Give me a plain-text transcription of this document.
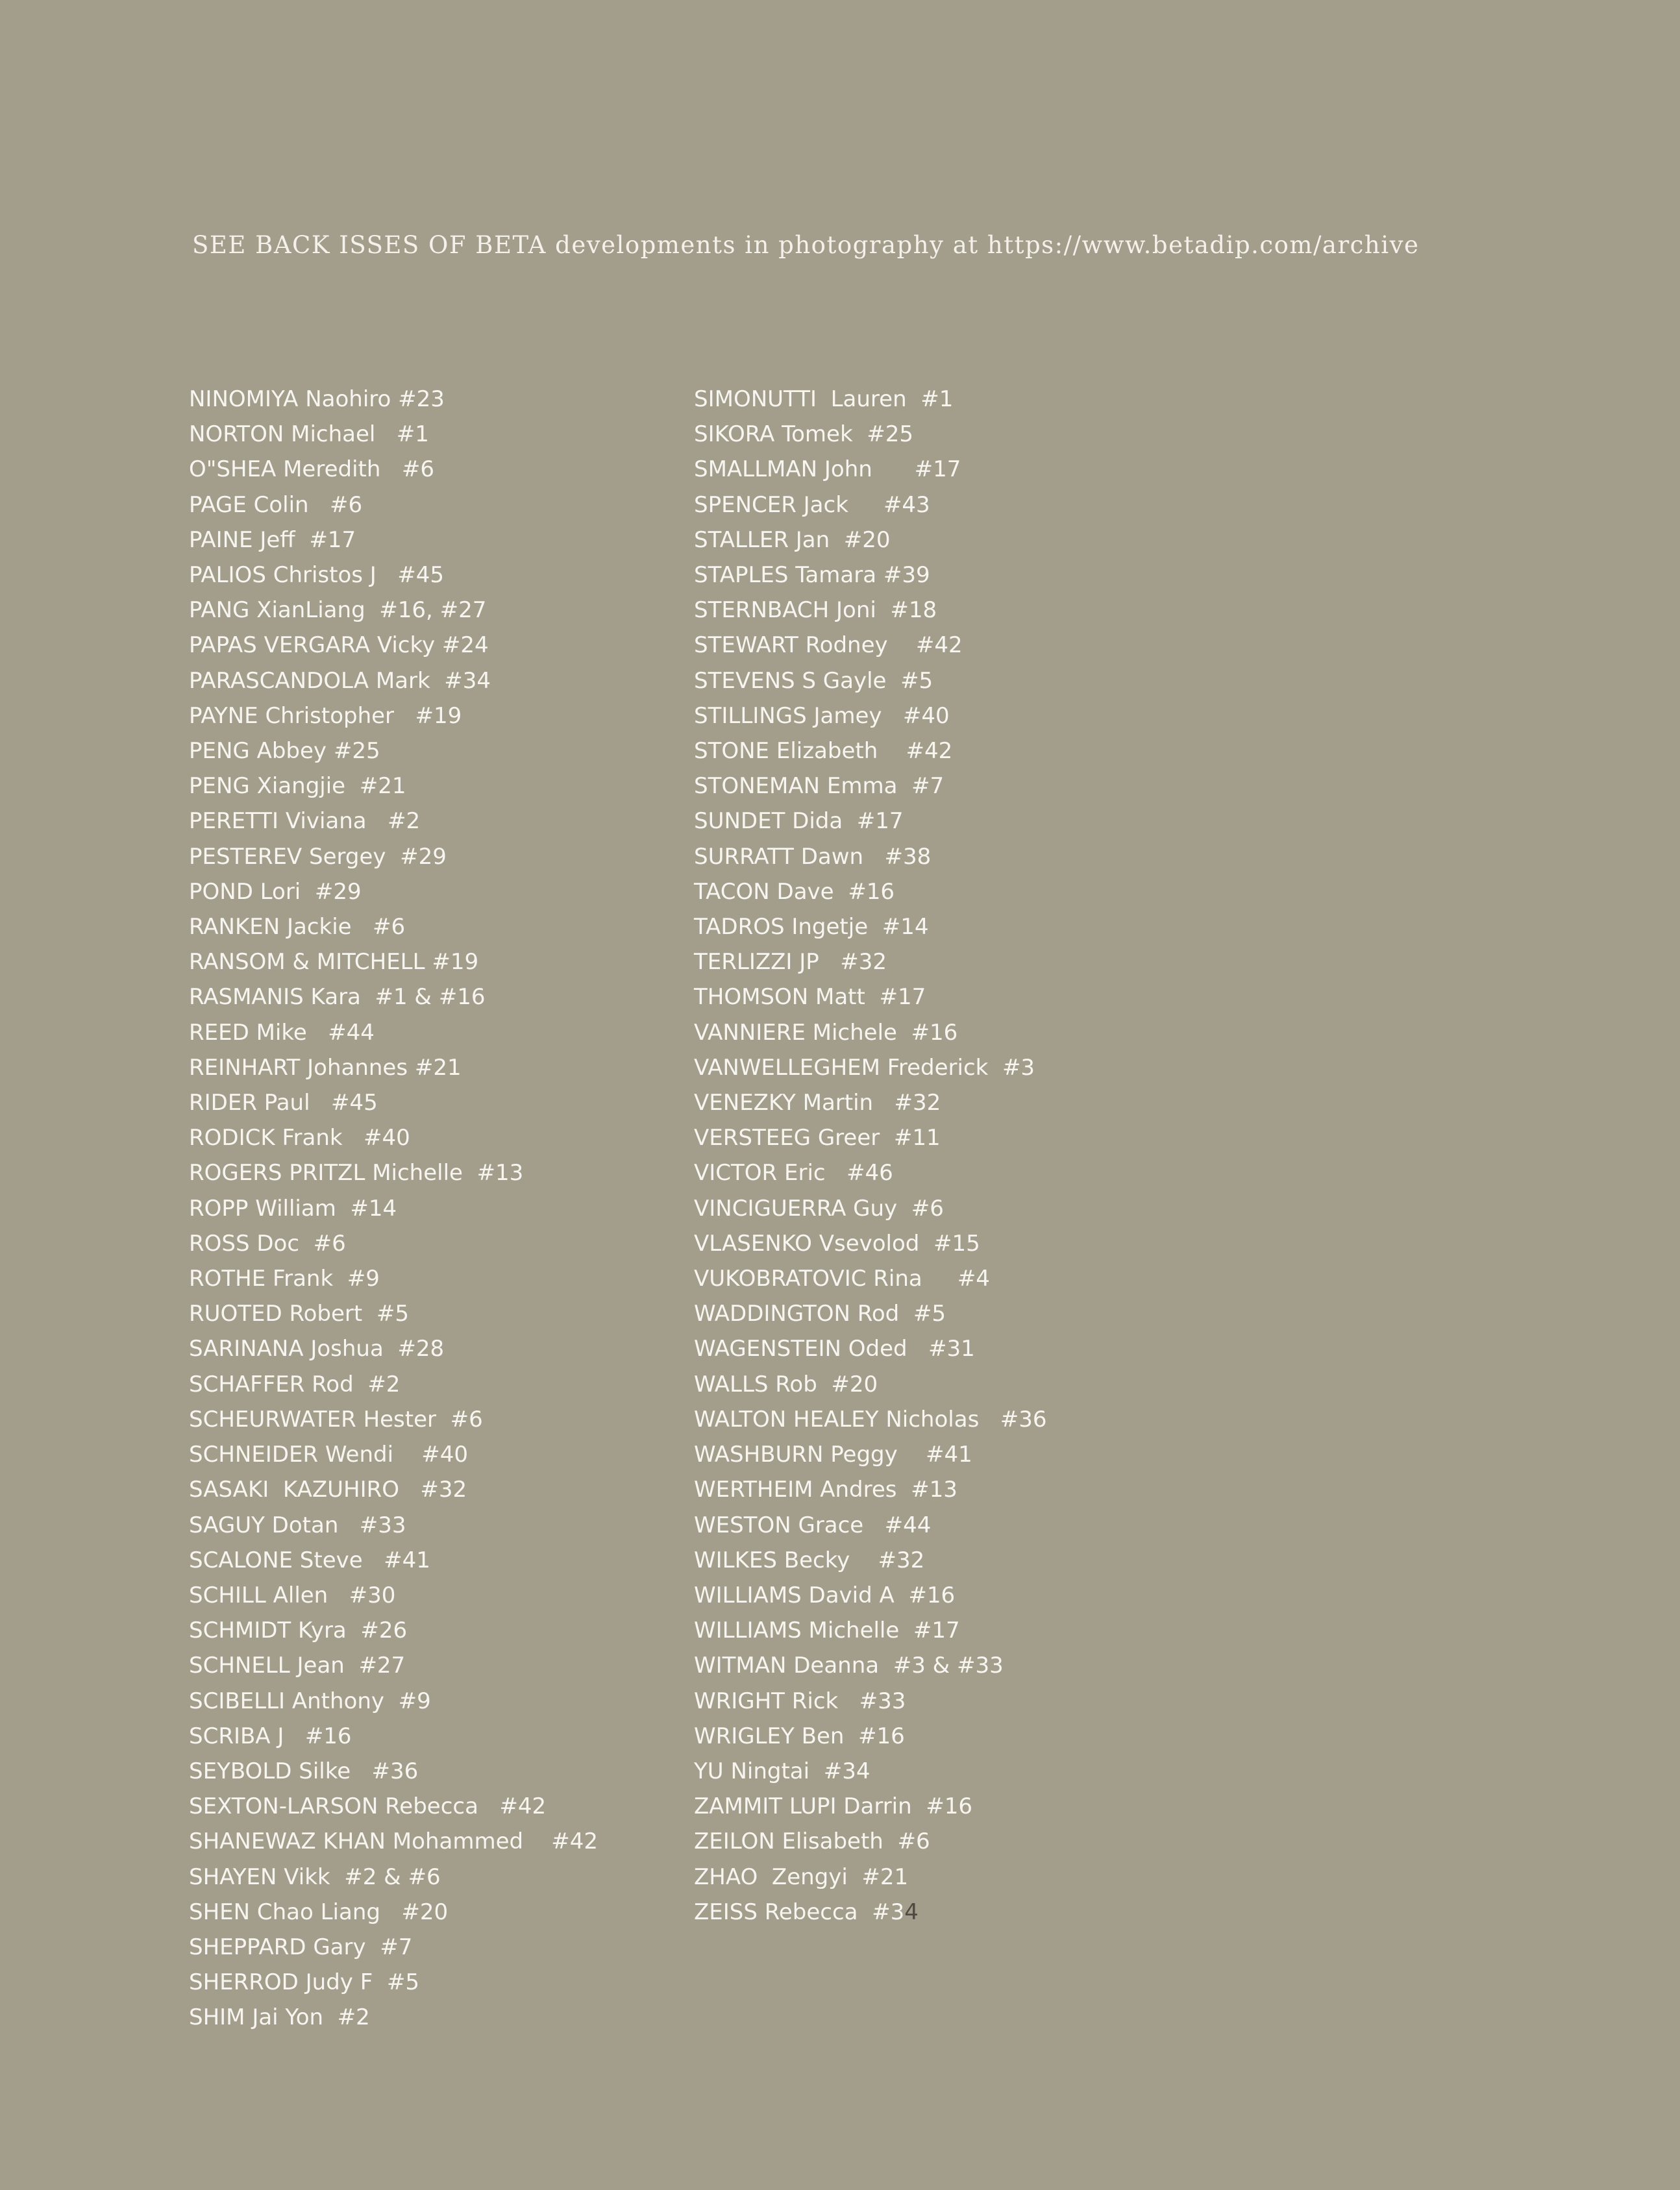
SEE BACK ISSES OF BETA developments in photography at https://www.betadip.com/archive
NINOMIYA Naohiro #23
NORTON Michael   #1
O"SHEA Meredith   #6
PAGE Colin   #6
PAINE Jeff  #17
PALIOS Christos J   #45
PANG XianLiang  #16, #27
PAPAS VERGARA Vicky #24
PARASCANDOLA Mark  #34
PAYNE Christopher   #19
PENG Abbey #25
PENG Xiangjie  #21
PERETTI Viviana   #2
PESTEREV Sergey  #29
POND Lori  #29
RANKEN Jackie   #6
RANSOM & MITCHELL #19
RASMANIS Kara  #1 & #16
REED Mike   #44
REINHART Johannes #21
RIDER Paul   #45
RODICK Frank   #40
ROGERS PRITZL Michelle  #13
ROPP William  #14
ROSS Doc  #6
ROTHE Frank  #9
RUOTED Robert  #5
SARINANA Joshua  #28
SCHAFFER Rod  #2
SCHEURWATER Hester  #6
SCHNEIDER Wendi    #40
SASAKI  KAZUHIRO   #32
SAGUY Dotan   #33
SCALONE Steve   #41
SCHILL Allen   #30
SCHMIDT Kyra  #26
SCHNELL Jean  #27
SCIBELLI Anthony  #9
SCRIBA J   #16
SEYBOLD Silke   #36
SEXTON-LARSON Rebecca   #42
SHANEWAZ KHAN Mohammed    #42
SHAYEN Vikk  #2 & #6
SHEN Chao Liang   #20
SHEPPARD Gary  #7
SHERROD Judy F  #5
SHIM Jai Yon  #2
SIMONUTTI  Lauren  #1
SIKORA Tomek  #25
SMALLMAN John      #17
SPENCER Jack     #43
STALLER Jan  #20
STAPLES Tamara #39
STERNBACH Joni  #18
STEWART Rodney    #42
STEVENS S Gayle  #5
STILLINGS Jamey   #40
STONE Elizabeth    #42
STONEMAN Emma  #7
SUNDET Dida  #17
SURRATT Dawn   #38
TACON Dave  #16
TADROS Ingetje  #14
TERLIZZI JP   #32
THOMSON Matt  #17
VANNIERE Michele  #16
VANWELLEGHEM Frederick  #3
VENEZKY Martin   #32
VERSTEEG Greer  #11
VICTOR Eric   #46
VINCIGUERRA Guy  #6
VLASENKO Vsevolod  #15
VUKOBRATOVIC Rina     #4
WADDINGTON Rod  #5
WAGENSTEIN Oded   #31
WALLS Rob  #20
WALTON HEALEY Nicholas   #36
WASHBURN Peggy    #41
WERTHEIM Andres  #13
WESTON Grace   #44
WILKES Becky    #32
WILLIAMS David A  #16
WILLIAMS Michelle  #17
WITMAN Deanna  #3 & #33
WRIGHT Rick   #33
WRIGLEY Ben  #16
YU Ningtai  #34
ZAMMIT LUPI Darrin  #16
ZEILON Elisabeth  #6
ZHAO  Zengyi  #21
ZEISS Rebecca  #34
